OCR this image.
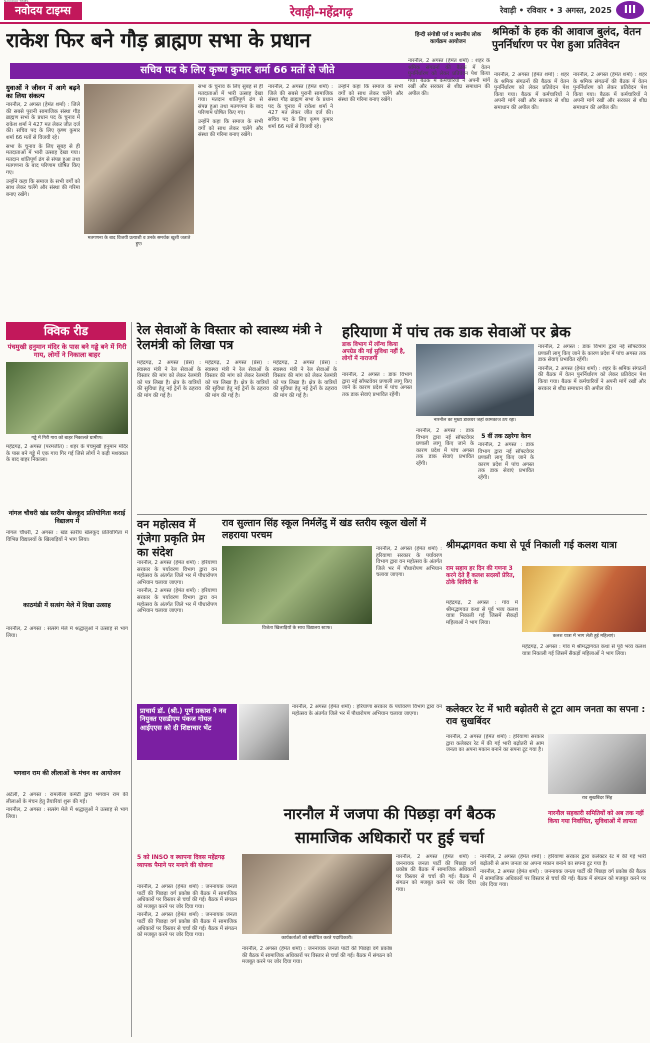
नवोदय टाइम्स	रेवाड़ी-महेंद्रगढ़	रेवाड़ी • रविवार • 3 अगस्त, 2025	III
राकेश फिर बने गौड़ ब्राह्मण सभा के प्रधान
सचिव पद के लिए कृष्ण कुमार शर्मा 66 मतों से जीते

युवाओं ने जीवन में आगे बढ़ने का लिया संकल्प

नारनौल, 2 अगस्त (हेमंत शर्मा) : जिले की सबसे पुरानी सामाजिक संस्था गौड़ ब्राह्मण सभा के प्रधान पद के चुनाव में राकेश शर्मा ने 427 मत लेकर जीत दर्ज की। सचिव पद के लिए कृष्ण कुमार शर्मा 66 मतों से विजयी रहे।

सभा के चुनाव के लिए सुबह से ही मतदाताओं में भारी उत्साह देखा गया। मतदान शांतिपूर्ण ढंग से संपन्न हुआ तथा मतगणना के बाद परिणाम घोषित किए गए।

उन्होंने कहा कि समाज के सभी वर्गों को साथ लेकर चलेंगे और संस्था की गरिमा बनाए रखेंगे।

मतगणना के बाद विजयी प्रत्याशी व उनके समर्थक खुशी जताते हुए।

सभा के चुनाव के लिए सुबह से ही मतदाताओं में भारी उत्साह देखा गया। मतदान शांतिपूर्ण ढंग से संपन्न हुआ तथा मतगणना के बाद परिणाम घोषित किए गए।

उन्होंने कहा कि समाज के सभी वर्गों को साथ लेकर चलेंगे और संस्था की गरिमा बनाए रखेंगे।

नारनौल, 2 अगस्त (हेमंत शर्मा) : जिले की सबसे पुरानी सामाजिक संस्था गौड़ ब्राह्मण सभा के प्रधान पद के चुनाव में राकेश शर्मा ने 427 मत लेकर जीत दर्ज की। सचिव पद के लिए कृष्ण कुमार शर्मा 66 मतों से विजयी रहे।

उन्होंने कहा कि समाज के सभी वर्गों को साथ लेकर चलेंगे और संस्था की गरिमा बनाए रखेंगे।

हिन्दी संगोष्ठी पर्व व स्थानीय लोक कार्यक्रम आयोजन
श्रमिकों के हक की आवाज बुलंद, वेतन पुनर्निर्धारण पर पेश हुआ प्रतिवेदन

नारनौल, 2 अगस्त (हेमंत शर्मा) : शहर के श्रमिक संगठनों की बैठक में वेतन पुनर्निर्धारण को लेकर प्रतिवेदन पेश किया गया। बैठक में कर्मचारियों ने अपनी मांगें रखीं और सरकार से शीघ्र समाधान की अपील की।

नारनौल, 2 अगस्त (हेमंत शर्मा) : शहर के श्रमिक संगठनों की बैठक में वेतन पुनर्निर्धारण को लेकर प्रतिवेदन पेश किया गया। बैठक में कर्मचारियों ने अपनी मांगें रखीं और सरकार से शीघ्र समाधान की अपील की।

नारनौल, 2 अगस्त (हेमंत शर्मा) : शहर के श्रमिक संगठनों की बैठक में वेतन पुनर्निर्धारण को लेकर प्रतिवेदन पेश किया गया। बैठक में कर्मचारियों ने अपनी मांगें रखीं और सरकार से शीघ्र समाधान की अपील की।

क्विक रीड
पंचमुखी हनुमान मंदिर के पास बने गड्ढे बने में गिरी गाय, लोगों ने निकाला बाहर
गड्ढे में गिरी गाय को बाहर निकालते ग्रामीण।

महेंद्रगढ़, 2 अगस्त (परमजीत) : शहर के पंचमुखी हनुमान मंदिर के पास बने गड्ढे में एक गाय गिर गई जिसे लोगों ने कड़ी मशक्कत के बाद बाहर निकाला।

नांगल चौधरी खंड स्तरीय खेलकूद प्रतियोगिता कराई विद्यालय में

नांगल चौधरी, 2 अगस्त : खंड स्तरीय खेलकूद प्रतियोगिता में विभिन्न विद्यालयों के खिलाड़ियों ने भाग लिया।

काठमंडी में सत्संग मेले में दिखा उत्साह

नारनौल, 2 अगस्त : सत्संग मेले में श्रद्धालुओं ने उत्साह से भाग लिया।

भगवान राम की लीलाओं के मंचन का आयोजन

अटेली, 2 अगस्त : रामलीला कमेटी द्वारा भगवान राम की लीलाओं के मंचन हेतु तैयारियां शुरू की गईं।

नारनौल, 2 अगस्त : सत्संग मेले में श्रद्धालुओं ने उत्साह से भाग लिया।

रेल सेवाओं के विस्तार को स्वास्थ्य मंत्री ने रेलमंत्री को लिखा पत्र

महेंद्रगढ़, 2 अगस्त (प्रेस) : स्वास्थ्य मंत्री ने रेल सेवाओं के विस्तार की मांग को लेकर रेलमंत्री को पत्र लिखा है। क्षेत्र के यात्रियों की सुविधा हेतु नई ट्रेनों के ठहराव की मांग की गई है।

महेंद्रगढ़, 2 अगस्त (प्रेस) : स्वास्थ्य मंत्री ने रेल सेवाओं के विस्तार की मांग को लेकर रेलमंत्री को पत्र लिखा है। क्षेत्र के यात्रियों की सुविधा हेतु नई ट्रेनों के ठहराव की मांग की गई है।

महेंद्रगढ़, 2 अगस्त (प्रेस) : स्वास्थ्य मंत्री ने रेल सेवाओं के विस्तार की मांग को लेकर रेलमंत्री को पत्र लिखा है। क्षेत्र के यात्रियों की सुविधा हेतु नई ट्रेनों के ठहराव की मांग की गई है।

हरियाणा में पांच तक डाक सेवाओं पर ब्रेक
डाक विभाग में लॉन्च किया अपग्रेड की गई सुविधा नहीं है, लोगों में नाराजगी

नारनौल, 2 अगस्त : डाक विभाग द्वारा नई सॉफ्टवेयर प्रणाली लागू किए जाने के कारण प्रदेश में पांच अगस्त तक डाक सेवाएं प्रभावित रहेंगी।

नारनौल का मुख्य डाकघर जहां कामकाज ठप रहा।

नारनौल, 2 अगस्त : डाक विभाग द्वारा नई सॉफ्टवेयर प्रणाली लागू किए जाने के कारण प्रदेश में पांच अगस्त तक डाक सेवाएं प्रभावित रहेंगी।

5 वीं तक ठहरेगा वेतन

नारनौल, 2 अगस्त : डाक विभाग द्वारा नई सॉफ्टवेयर प्रणाली लागू किए जाने के कारण प्रदेश में पांच अगस्त तक डाक सेवाएं प्रभावित रहेंगी।

नारनौल, 2 अगस्त : डाक विभाग द्वारा नई सॉफ्टवेयर प्रणाली लागू किए जाने के कारण प्रदेश में पांच अगस्त तक डाक सेवाएं प्रभावित रहेंगी।

नारनौल, 2 अगस्त (हेमंत शर्मा) : शहर के श्रमिक संगठनों की बैठक में वेतन पुनर्निर्धारण को लेकर प्रतिवेदन पेश किया गया। बैठक में कर्मचारियों ने अपनी मांगें रखीं और सरकार से शीघ्र समाधान की अपील की।

वन महोत्सव में गूंजेगा प्रकृति प्रेम का संदेश

नारनौल, 2 अगस्त (हेमंत शर्मा) : हरियाणा सरकार के पर्यावरण विभाग द्वारा वन महोत्सव के अंतर्गत जिले भर में पौधारोपण अभियान चलाया जाएगा।

नारनौल, 2 अगस्त (हेमंत शर्मा) : हरियाणा सरकार के पर्यावरण विभाग द्वारा वन महोत्सव के अंतर्गत जिले भर में पौधारोपण अभियान चलाया जाएगा।

राव सुल्तान सिंह स्कूल निर्मलेंदु में खंड स्तरीय स्कूल खेलों में लहराया परचम
विजेता खिलाड़ियों के साथ विद्यालय स्टाफ।

नारनौल, 2 अगस्त (हेमंत शर्मा) : हरियाणा सरकार के पर्यावरण विभाग द्वारा वन महोत्सव के अंतर्गत जिले भर में पौधारोपण अभियान चलाया जाएगा।

श्रीमद्भागवत कथा से पूर्व निकाली गई कलश यात्रा
राम सहाय हर दिन की गणना 3 करने देते हैं कलश सदस्यों प्रेरित, ठोकें शिविरी के

महेंद्रगढ़, 2 अगस्त : गांव में श्रीमद्भागवत कथा से पूर्व भव्य कलश यात्रा निकाली गई जिसमें सैकड़ों महिलाओं ने भाग लिया।

कलश यात्रा में भाग लेती हुई महिलाएं।

महेंद्रगढ़, 2 अगस्त : गांव में श्रीमद्भागवत कथा से पूर्व भव्य कलश यात्रा निकाली गई जिसमें सैकड़ों महिलाओं ने भाग लिया।

प्राचार्य डॉ. (श्री.) पूर्ण प्रकाश ने नव नियुक्त एसडीएम पंकज गोयल आईएएस को दी शिष्टाचार भेंट

नारनौल, 2 अगस्त (हेमंत शर्मा) : हरियाणा सरकार के पर्यावरण विभाग द्वारा वन महोत्सव के अंतर्गत जिले भर में पौधारोपण अभियान चलाया जाएगा।	कलेक्टर रेट में भारी बढ़ोतरी से टूटा आम जनता का सपना : राव सुखबिंदर

नारनौल, 2 अगस्त (हेमंत शर्मा) : हरियाणा सरकार द्वारा कलेक्टर रेट में की गई भारी बढ़ोतरी से आम जनता का अपना मकान बनाने का सपना टूट गया है।

राव सुखबिंदर सिंह
नारनौल में जजपा की पिछड़ा वर्ग बैठक
सामाजिक अधिकारों पर हुई चर्चा
5 को INSO व स्थापना दिवस महेंद्रगढ़ व्यापक पैमाने पर मनाने की योजना

नारनौल, 2 अगस्त (हेमंत शर्मा) : जननायक जनता पार्टी की पिछड़ा वर्ग प्रकोष्ठ की बैठक में सामाजिक अधिकारों पर विस्तार से चर्चा की गई। बैठक में संगठन को मजबूत करने पर जोर दिया गया।

नारनौल, 2 अगस्त (हेमंत शर्मा) : जननायक जनता पार्टी की पिछड़ा वर्ग प्रकोष्ठ की बैठक में सामाजिक अधिकारों पर विस्तार से चर्चा की गई। बैठक में संगठन को मजबूत करने पर जोर दिया गया।

कार्यकर्ताओं को संबोधित करते पदाधिकारी।

नारनौल, 2 अगस्त (हेमंत शर्मा) : जननायक जनता पार्टी की पिछड़ा वर्ग प्रकोष्ठ की बैठक में सामाजिक अधिकारों पर विस्तार से चर्चा की गई। बैठक में संगठन को मजबूत करने पर जोर दिया गया।

नारनौल, 2 अगस्त (हेमंत शर्मा) : जननायक जनता पार्टी की पिछड़ा वर्ग प्रकोष्ठ की बैठक में सामाजिक अधिकारों पर विस्तार से चर्चा की गई। बैठक में संगठन को मजबूत करने पर जोर दिया गया।

नारनौल सहकारी समितियों को अब तक नहीं किया गया निर्वाचित, सुविधाओं में लापता

नारनौल, 2 अगस्त (हेमंत शर्मा) : हरियाणा सरकार द्वारा कलेक्टर रेट में की गई भारी बढ़ोतरी से आम जनता का अपना मकान बनाने का सपना टूट गया है।

नारनौल, 2 अगस्त (हेमंत शर्मा) : जननायक जनता पार्टी की पिछड़ा वर्ग प्रकोष्ठ की बैठक में सामाजिक अधिकारों पर विस्तार से चर्चा की गई। बैठक में संगठन को मजबूत करने पर जोर दिया गया।
